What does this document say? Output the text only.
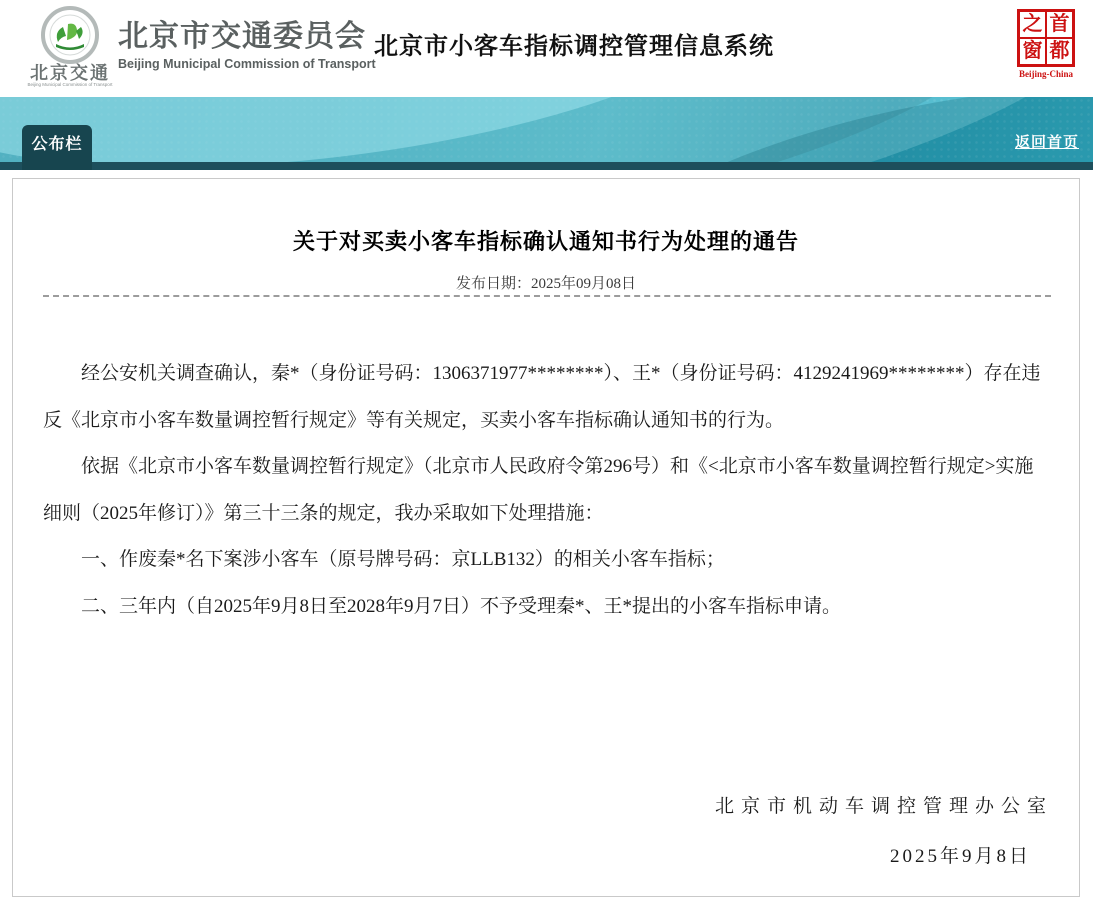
北京交通
Beijing Municipal Commission of Transport
北京市交通委员会
Beijing Municipal Commission of Transport
北京市小客车指标调控管理信息系统
之 首
窗 都
Beijing-China
公布栏	返回首页
关于对买卖小客车指标确认通知书行为处理的通告
发布日期：2025年09月08日

经公安机关调查确认，秦*（身份证号码：1306371977********）、王*（身份证号码：4129241969********）存在违反《北京市小客车数量调控暂行规定》等有关规定，买卖小客车指标确认通知书的行为。

依据《北京市小客车数量调控暂行规定》（北京市人民政府令第296号）和《<北京市小客车数量调控暂行规定>实施细则（2025年修订）》第三十三条的规定，我办采取如下处理措施：

一、作废秦*名下案涉小客车（原号牌号码：京LLB132）的相关小客车指标；

二、三年内（自2025年9月8日至2028年9月7日）不予受理秦*、王*提出的小客车指标申请。

北京市机动车调控管理办公室
2025年9月8日
